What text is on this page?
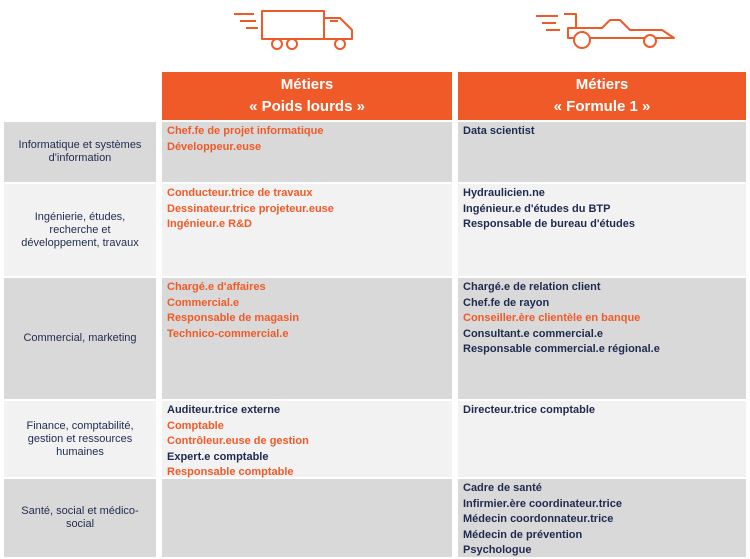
Métiers
« Poids lourds »
Métiers
« Formule 1 »
Informatique et systèmes d'information
Chef.fe de projet informatique
Développeur.euse
Data scientist
Ingénierie, études, recherche et développement, travaux
Conducteur.trice de travaux
Dessinateur.trice projeteur.euse
Ingénieur.e R&D
Hydraulicien.ne
Ingénieur.e d'études du BTP
Responsable de bureau d'études
Commercial, marketing
Chargé.e d'affaires
Commercial.e
Responsable de magasin
Technico-commercial.e
Chargé.e de relation client
Chef.fe de rayon
Conseiller.ère clientèle en banque
Consultant.e commercial.e
Responsable commercial.e régional.e
Finance, comptabilité, gestion et ressources humaines
Auditeur.trice externe
Comptable
Contrôleur.euse de gestion
Expert.e comptable
Responsable comptable
Directeur.trice comptable
Santé, social et médico-social
Cadre de santé
Infirmier.ère coordinateur.trice
Médecin coordonnateur.trice
Médecin de prévention
Psychologue
